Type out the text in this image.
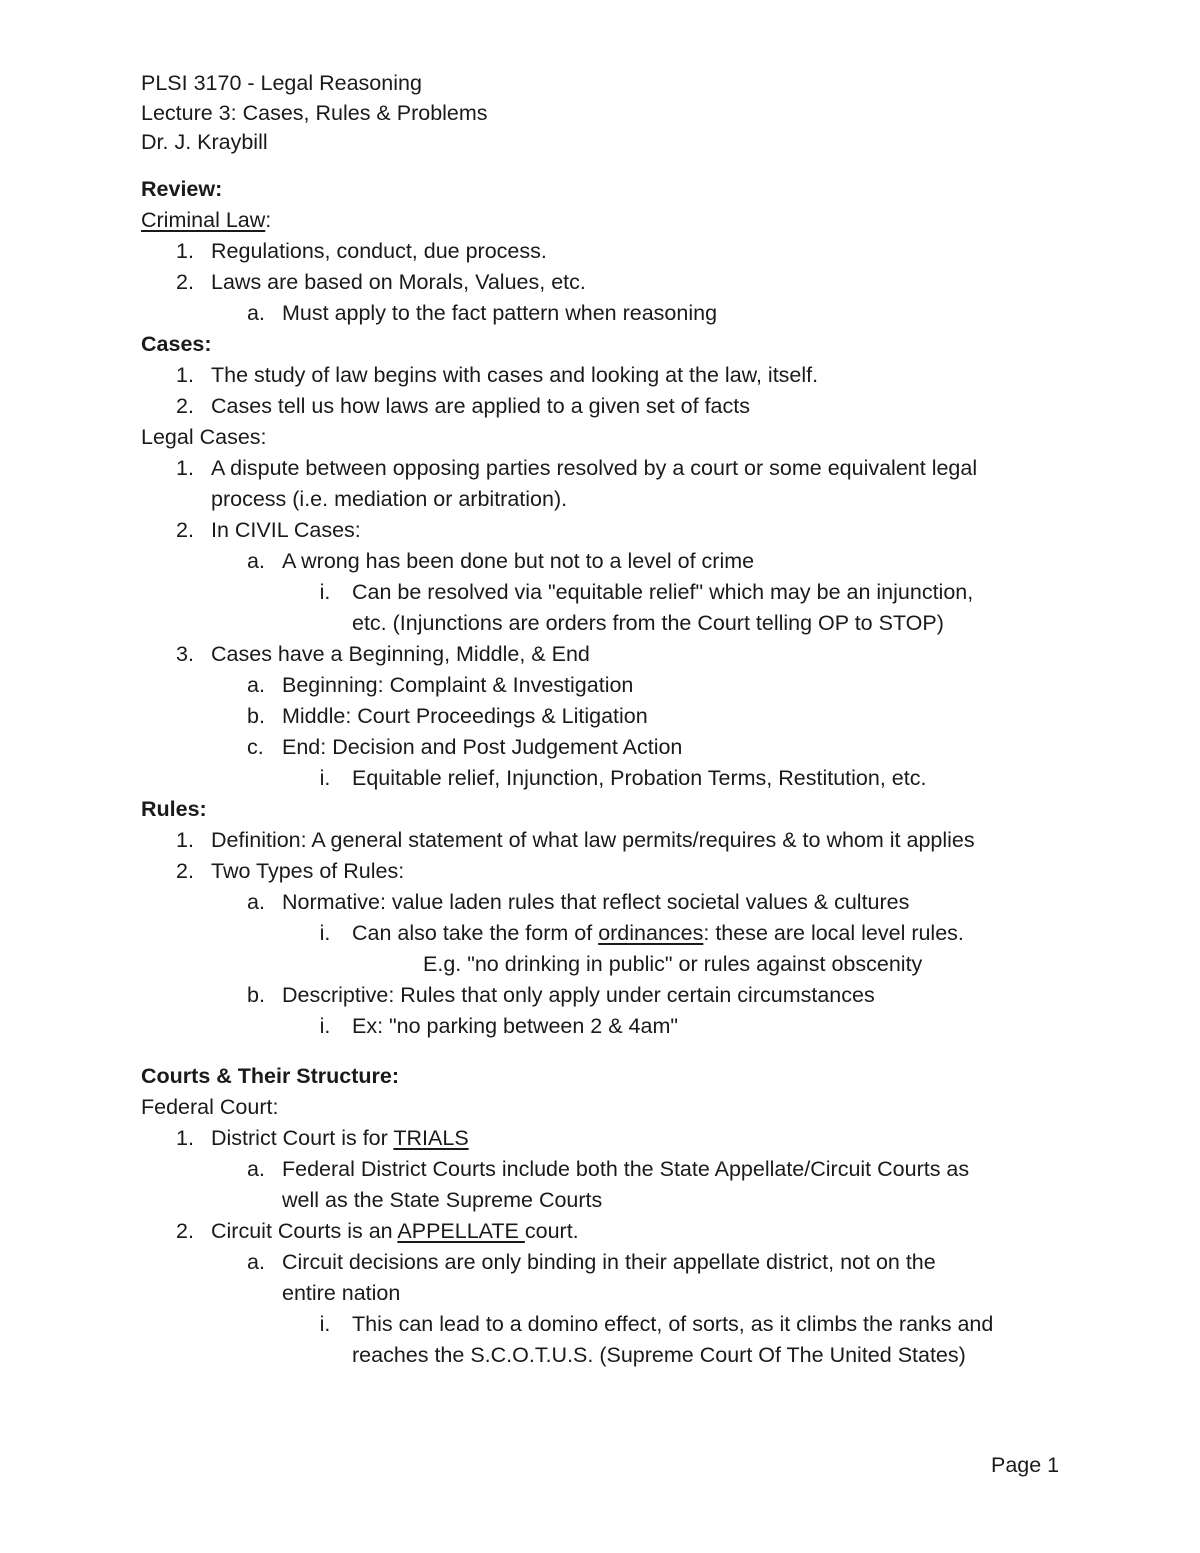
PLSI 3170 - Legal Reasoning
Lecture 3: Cases, Rules & Problems
Dr. J. Kraybill
Review:
Criminal Law:
1. Regulations, conduct, due process.
2. Laws are based on Morals, Values, etc.
a. Must apply to the fact pattern when reasoning
Cases:
1. The study of law begins with cases and looking at the law, itself.
2. Cases tell us how laws are applied to a given set of facts
Legal Cases:
1. A dispute between opposing parties resolved by a court or some equivalent legal
process (i.e. mediation or arbitration).
2. In CIVIL Cases:
a. A wrong has been done but not to a level of crime
i.	Can be resolved via "equitable relief" which may be an injunction,
etc. (Injunctions are orders from the Court telling OP to STOP)
3. Cases have a Beginning, Middle, & End
a. Beginning: Complaint & Investigation
b. Middle: Court Proceedings & Litigation
c. End: Decision and Post Judgement Action
i.	Equitable relief, Injunction, Probation Terms, Restitution, etc.
Rules:
1. Definition: A general statement of what law permits/requires & to whom it applies
2. Two Types of Rules:
a. Normative: value laden rules that reflect societal values & cultures
i.	Can also take the form of ordinances: these are local level rules.
E.g. "no drinking in public" or rules against obscenity
b. Descriptive: Rules that only apply under certain circumstances
i.	Ex: "no parking between 2 & 4am"
Courts & Their Structure:
Federal Court:
1. District Court is for TRIALS
a. Federal District Courts include both the State Appellate/Circuit Courts as
well as the State Supreme Courts
2. Circuit Courts is an APPELLATE court.
a. Circuit decisions are only binding in their appellate district, not on the
entire nation
i.	This can lead to a domino effect, of sorts, as it climbs the ranks and
reaches the S.C.O.T.U.S. (Supreme Court Of The United States)
Page 1
